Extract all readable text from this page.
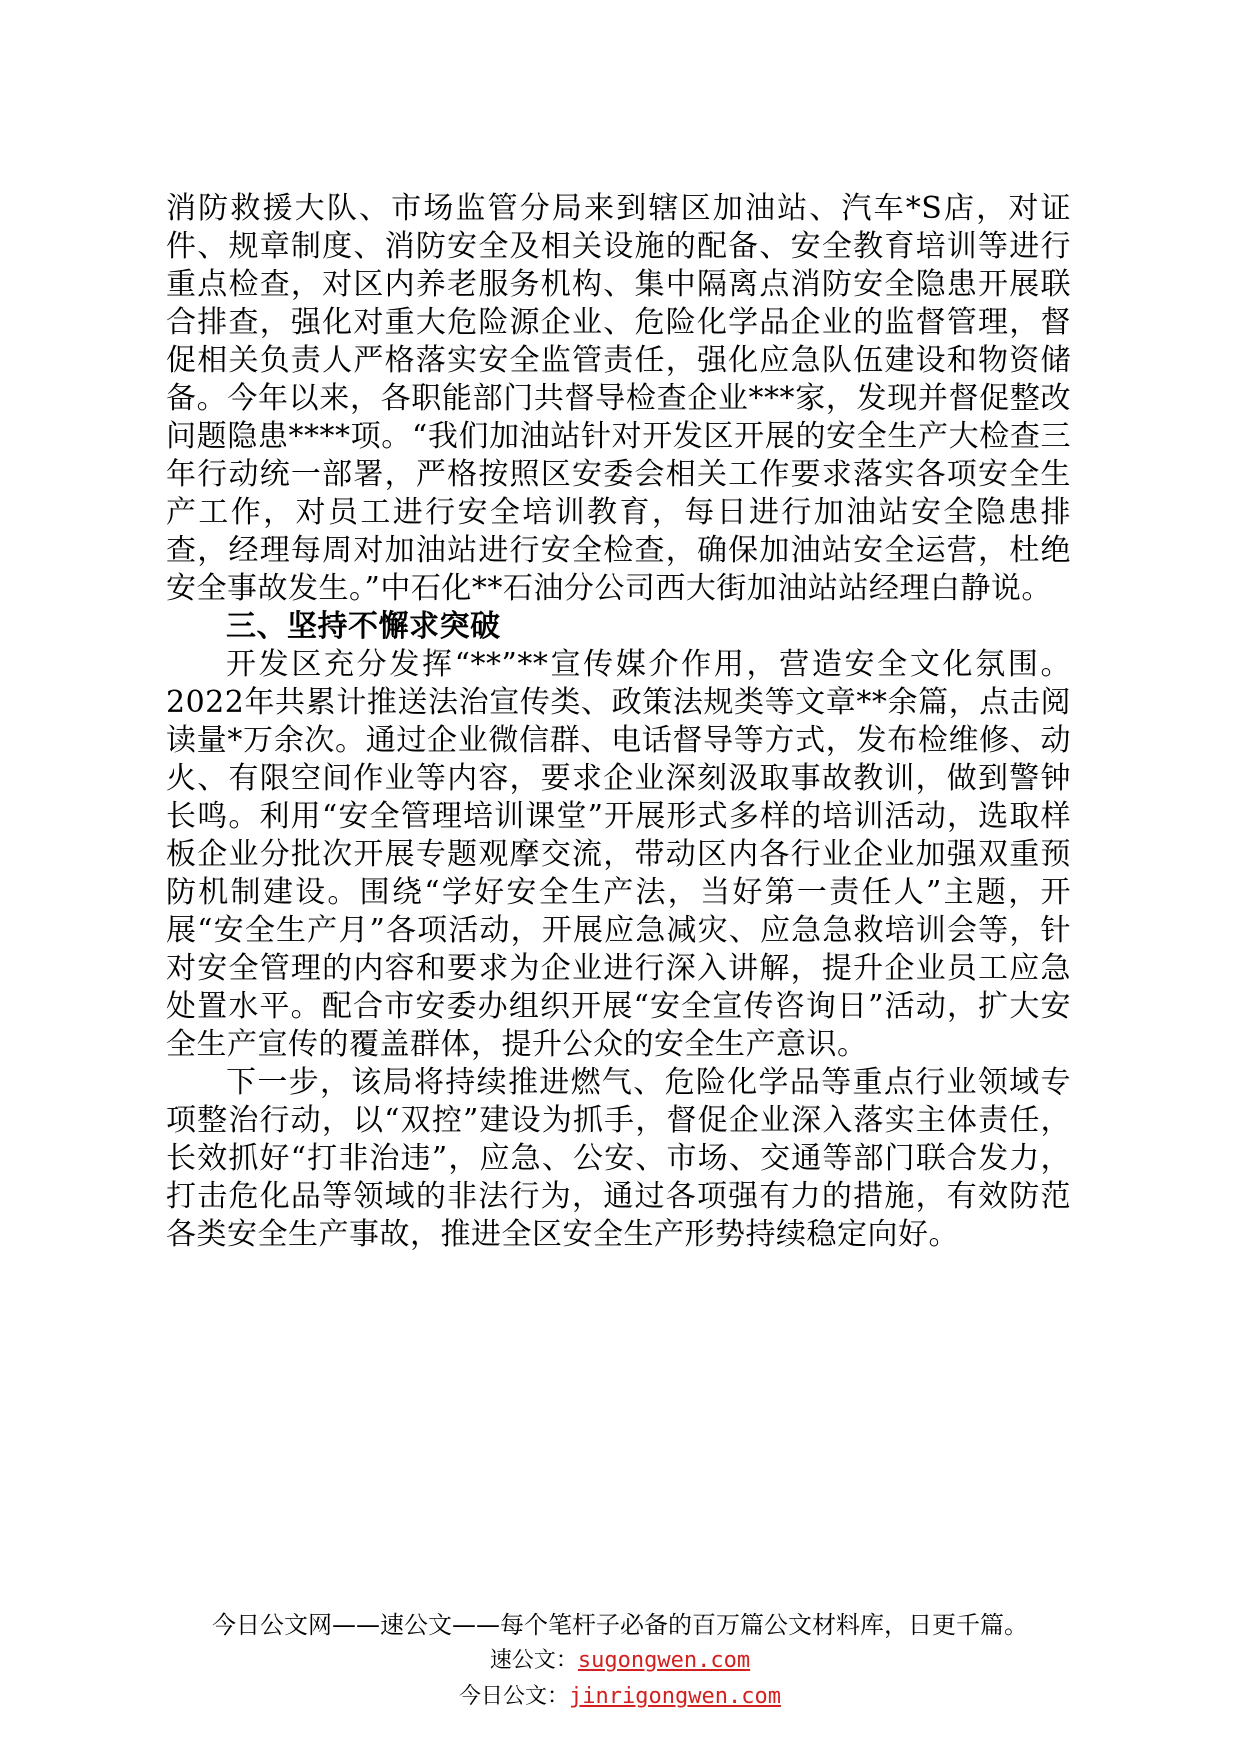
消防救援大队、市场监管分局来到辖区加油站、汽车*S店，对证件、规章制度、消防安全及相关设施的配备、安全教育培训等进行重点检查，对区内养老服务机构、集中隔离点消防安全隐患开展联合排查，强化对重大危险源企业、危险化学品企业的监督管理，督促相关负责人严格落实安全监管责任，强化应急队伍建设和物资储备。今年以来，各职能部门共督导检查企业***家，发现并督促整改问题隐患****项。“我们加油站针对开发区开展的安全生产大检查三年行动统一部署，严格按照区安委会相关工作要求落实各项安全生产工作，对员工进行安全培训教育，每日进行加油站安全隐患排查，经理每周对加油站进行安全检查，确保加油站安全运营，杜绝安全事故发生。”中石化**石油分公司西大街加油站站经理白静说。

三、坚持不懈求突破

开发区充分发挥“**”**宣传媒介作用，营造安全文化氛围。2022年共累计推送法治宣传类、政策法规类等文章**余篇，点击阅读量*万余次。通过企业微信群、电话督导等方式，发布检维修、动火、有限空间作业等内容，要求企业深刻汲取事故教训，做到警钟长鸣。利用“安全管理培训课堂”开展形式多样的培训活动，选取样板企业分批次开展专题观摩交流，带动区内各行业企业加强双重预防机制建设。围绕“学好安全生产法，当好第一责任人”主题，开展“安全生产月”各项活动，开展应急减灾、应急急救培训会等，针对安全管理的内容和要求为企业进行深入讲解，提升企业员工应急处置水平。配合市安委办组织开展“安全宣传咨询日”活动，扩大安全生产宣传的覆盖群体，提升公众的安全生产意识。

下一步，该局将持续推进燃气、危险化学品等重点行业领域专项整治行动，以“双控”建设为抓手，督促企业深入落实主体责任，长效抓好“打非治违”，应急、公安、市场、交通等部门联合发力，打击危化品等领域的非法行为，通过各项强有力的措施，有效防范各类安全生产事故，推进全区安全生产形势持续稳定向好。

今日公文网——速公文——每个笔杆子必备的百万篇公文材料库，日更千篇。
速公文：sugongwen.com
今日公文：jinrigongwen.com
